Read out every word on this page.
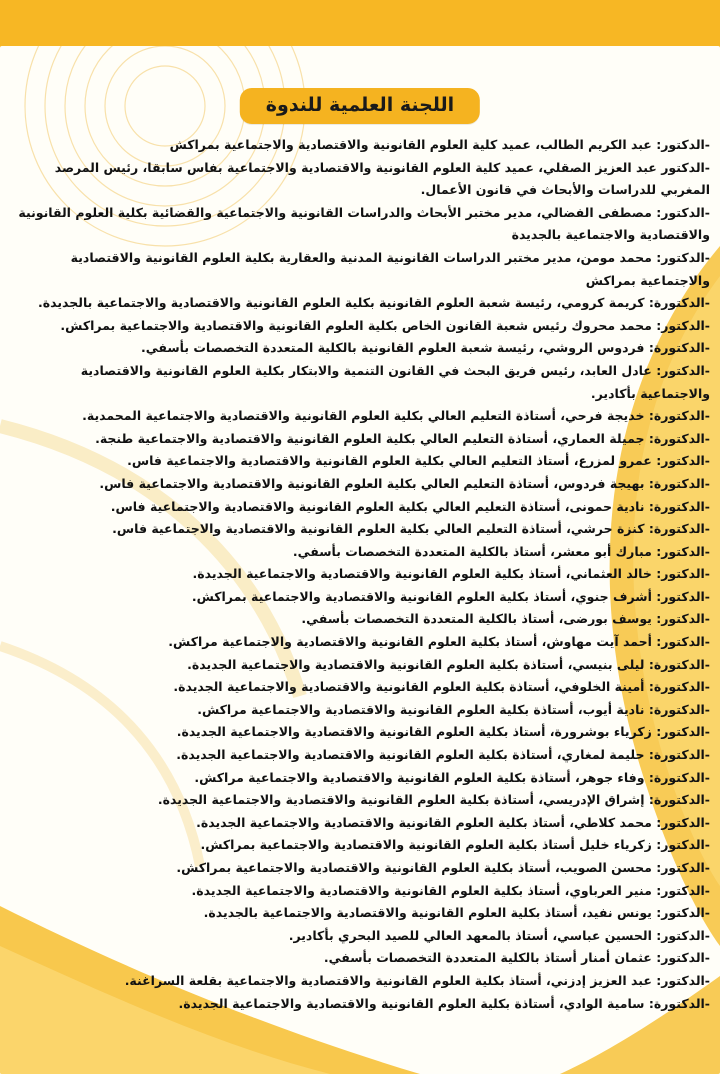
اللجنة العلمية للندوة
-الدكتور: عبد الكريم الطالب، عميد كلية العلوم القانونية والاقتصادية والاجتماعية بمراكش
-الدكتور عبد العزيز الصقلي، عميد كلية العلوم القانونية والاقتصادية والاجتماعية بفاس سابقا، رئيس المرصد المغربي للدراسات والأبحاث في قانون الأعمال.
-الدكتور: مصطفى الفضالي، مدير مختبر الأبحاث والدراسات القانونية والاجتماعية والقضائية بكلية العلوم القانونية والاقتصادية والاجتماعية بالجديدة
-الدكتور: محمد مومن، مدير مختبر الدراسات القانونية المدنية والعقارية بكلية العلوم القانونية والاقتصادية والاجتماعية بمراكش
-الدكتورة: كريمة كرومي، رئيسة شعبة العلوم القانونية بكلية العلوم القانونية والاقتصادية والاجتماعية بالجديدة.
-الدكتور: محمد محروك رئيس شعبة القانون الخاص بكلية العلوم القانونية والاقتصادية والاجتماعية بمراكش.
-الدكتورة: فردوس الروشي، رئيسة شعبة العلوم القانونية بالكلية المتعددة التخصصات بأسفي.
-الدكتور: عادل العابد، رئيس فريق البحث في القانون التنمية والابتكار بكلية العلوم القانونية والاقتصادية والاجتماعية بأكادير.
-الدكتورة: خديجة فرحي، أستاذة التعليم العالي بكلية العلوم القانونية والاقتصادية والاجتماعية المحمدية.
-الدكتورة: جميلة العماري، أستاذة التعليم العالي بكلية العلوم القانونية والاقتصادية والاجتماعية طنجة.
-الدكتور: عمرو لمزرع، أستاذ التعليم العالي بكلية العلوم القانونية والاقتصادية والاجتماعية فاس.
-الدكتورة: بهيجة فردوس، أستاذة التعليم العالي بكلية العلوم القانونية والاقتصادية والاجتماعية فاس.
-الدكتورة: نادية حمونى، أستاذة التعليم العالي بكلية العلوم القانونية والاقتصادية والاجتماعية فاس.
-الدكتورة: كنزة حرشي، أستاذة التعليم العالي بكلية العلوم القانونية والاقتصادية والاجتماعية فاس.
-الدكتور: مبارك أبو معشر، أستاذ بالكلية المتعددة التخصصات بأسفي.
-الدكتور: خالد العثماني، أستاذ بكلية العلوم القانونية والاقتصادية والاجتماعية الجديدة.
-الدكتور: أشرف جنوي، أستاذ بكلية العلوم القانونية والاقتصادية والاجتماعية بمراكش.
-الدكتور: يوسف بورضى، أستاذ بالكلية المتعددة التخصصات بأسفي.
-الدكتور: أحمد آيت مهاوش، أستاذ بكلية العلوم القانونية والاقتصادية والاجتماعية مراكش.
-الدكتورة: ليلى بنيسي، أستاذة بكلية العلوم القانونية والاقتصادية والاجتماعية الجديدة.
-الدكتورة: أمينة الخلوفي، أستاذة بكلية العلوم القانونية والاقتصادية والاجتماعية الجديدة.
-الدكتورة: نادية أيوب، أستاذة بكلية العلوم القانونية والاقتصادية والاجتماعية مراكش.
-الدكتور: زكرياء بوشرورة، أستاذ بكلية العلوم القانونية والاقتصادية والاجتماعية الجديدة.
-الدكتورة: حليمة لمغاري، أستاذة بكلية العلوم القانونية والاقتصادية والاجتماعية الجديدة.
-الدكتورة: وفاء جوهر، أستاذة بكلية العلوم القانونية والاقتصادية والاجتماعية مراكش.
-الدكتورة: إشراق الإدريسي، أستاذة بكلية العلوم القانونية والاقتصادية والاجتماعية الجديدة.
-الدكتور: محمد كلاطي، أستاذ بكلية العلوم القانونية والاقتصادية والاجتماعية الجديدة.
-الدكتور: زكرياء خليل أستاذ بكلية العلوم القانونية والاقتصادية والاجتماعية بمراكش.
-الدكتور: محسن الصويب، أستاذ بكلية العلوم القانونية والاقتصادية والاجتماعية بمراكش.
-الدكتور: منير العرباوي، أستاذ بكلية العلوم القانونية والاقتصادية والاجتماعية الجديدة.
-الدكتور: يونس نفيد، أستاذ بكلية العلوم القانونية والاقتصادية والاجتماعية بالجديدة.
-الدكتور: الحسين عباسي، أستاذ بالمعهد العالي للصيد البحري بأكادير.
-الدكتور: عثمان أمنار أستاذ بالكلية المتعددة التخصصات بأسفي.
-الدكتور: عبد العزيز إدزني، أستاذ بكلية العلوم القانونية والاقتصادية والاجتماعية بقلعة السراغنة.
-الدكتورة: سامية الوادي، أستاذة بكلية العلوم القانونية والاقتصادية والاجتماعية الجديدة.
